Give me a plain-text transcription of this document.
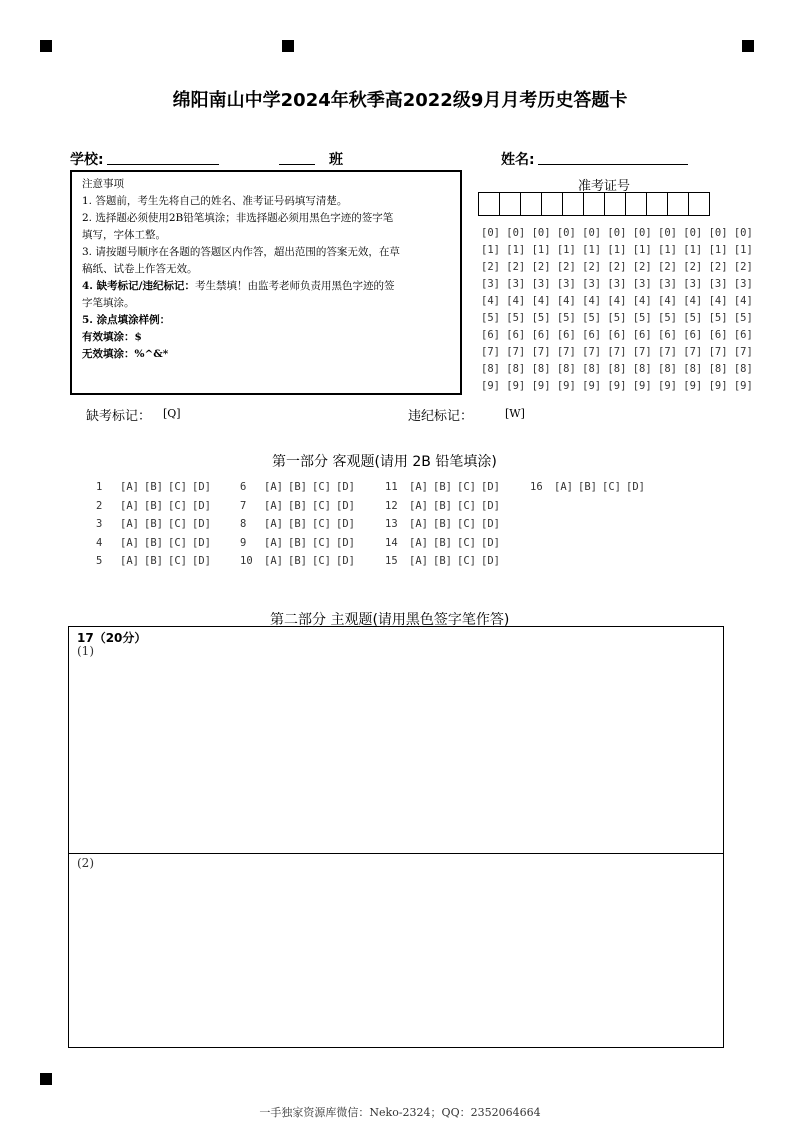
绵阳南山中学2024年秋季高2022级9月月考历史答题卡
学校:	班	姓名:
注意事项
1. 答题前，考生先将自己的姓名、准考证号码填写清楚。
2. 选择题必须使用2B铅笔填涂；非选择题必须用黑色字迹的签字笔
填写，字体工整。
3. 请按题号顺序在各题的答题区内作答，超出范围的答案无效，在草
稿纸、试卷上作答无效。
4. 缺考标记/违纪标记：考生禁填！由监考老师负责用黑色字迹的签
字笔填涂。
5. 涂点填涂样例：
有效填涂：$
无效填涂：%^&*
准考证号
[0] [0] [0] [0] [0] [0] [0] [0] [0] [0] [0]
[1] [1] [1] [1] [1] [1] [1] [1] [1] [1] [1]
[2] [2] [2] [2] [2] [2] [2] [2] [2] [2] [2]
[3] [3] [3] [3] [3] [3] [3] [3] [3] [3] [3]
[4] [4] [4] [4] [4] [4] [4] [4] [4] [4] [4]
[5] [5] [5] [5] [5] [5] [5] [5] [5] [5] [5]
[6] [6] [6] [6] [6] [6] [6] [6] [6] [6] [6]
[7] [7] [7] [7] [7] [7] [7] [7] [7] [7] [7]
[8] [8] [8] [8] [8] [8] [8] [8] [8] [8] [8]
[9] [9] [9] [9] [9] [9] [9] [9] [9] [9] [9]
缺考标记： [Q]	违纪标记：	[W]
第一部分 客观题(请用 2B 铅笔填涂)
1	[A] [B] [C] [D]
2	[A] [B] [C] [D]
3	[A] [B] [C] [D]
4	[A] [B] [C] [D]
5	[A] [B] [C] [D]
6	[A] [B] [C] [D]
7	[A] [B] [C] [D]
8	[A] [B] [C] [D]
9	[A] [B] [C] [D]
10	[A] [B] [C] [D]
11	[A] [B] [C] [D]
12	[A] [B] [C] [D]
13	[A] [B] [C] [D]
14	[A] [B] [C] [D]
15	[A] [B] [C] [D]
16	[A] [B] [C] [D]
第二部分 主观题(请用黑色签字笔作答)
17（20分）
(1)
(2)
一手独家资源库微信：Neko-2324；QQ：2352064664
